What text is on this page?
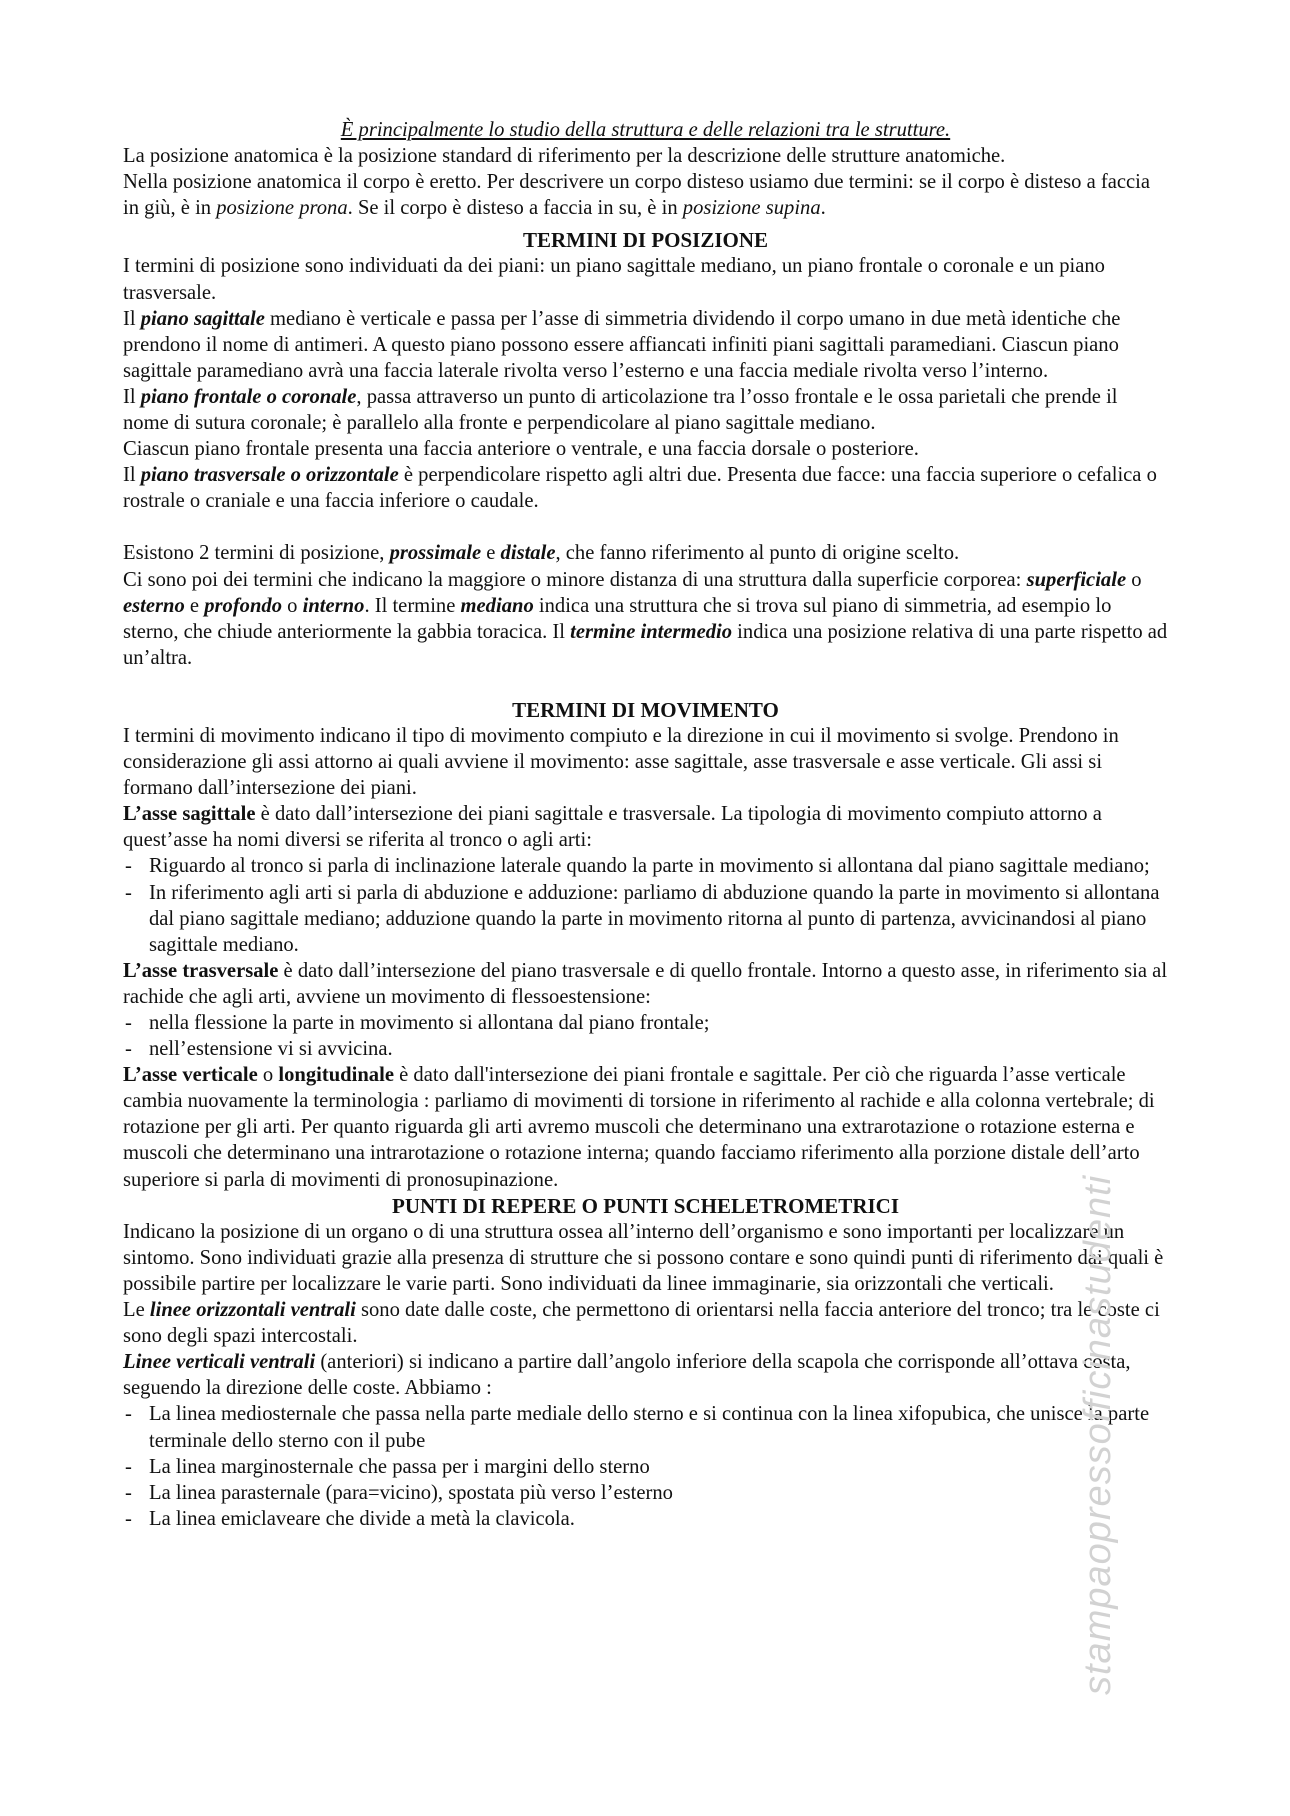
È principalmente lo studio della struttura e delle relazioni tra le strutture.

La posizione anatomica è la posizione standard di riferimento per la descrizione delle strutture anatomiche.

Nella posizione anatomica il corpo è eretto. Per descrivere un corpo disteso usiamo due termini: se il corpo è disteso a faccia in giù, è in posizione prona. Se il corpo è disteso a faccia in su, è in posizione supina.

TERMINI DI POSIZIONE

I termini di posizione sono individuati da dei piani: un piano sagittale mediano, un piano frontale o coronale e un piano trasversale.

Il piano sagittale mediano è verticale e passa per l’asse di simmetria dividendo il corpo umano in due metà identiche che prendono il nome di antimeri. A questo piano possono essere affiancati infiniti piani sagittali paramediani. Ciascun piano sagittale paramediano avrà una faccia laterale rivolta verso l’esterno e una faccia mediale rivolta verso l’interno.

Il piano frontale o coronale, passa attraverso un punto di articolazione tra l’osso frontale e le ossa parietali che prende il nome di sutura coronale; è parallelo alla fronte e perpendicolare al piano sagittale mediano.

Ciascun piano frontale presenta una faccia anteriore o ventrale, e una faccia dorsale o posteriore.

Il piano trasversale o orizzontale è perpendicolare rispetto agli altri due. Presenta due facce: una faccia superiore o cefalica o rostrale o craniale e una faccia inferiore o caudale.

Esistono 2 termini di posizione, prossimale e distale, che fanno riferimento al punto di origine scelto.

Ci sono poi dei termini che indicano la maggiore o minore distanza di una struttura dalla superficie corporea: superficiale o esterno e profondo o interno. Il termine mediano indica una struttura che si trova sul piano di simmetria, ad esempio lo sterno, che chiude anteriormente la gabbia toracica. Il termine intermedio indica una posizione relativa di una parte rispetto ad un’altra.

TERMINI DI MOVIMENTO

I termini di movimento indicano il tipo di movimento compiuto e la direzione in cui il movimento si svolge. Prendono in considerazione gli assi attorno ai quali avviene il movimento: asse sagittale, asse trasversale e asse verticale. Gli assi si formano dall’intersezione dei piani.

L’asse sagittale è dato dall’intersezione dei piani sagittale e trasversale. La tipologia di movimento compiuto attorno a quest’asse ha nomi diversi se riferita al tronco o agli arti:

- Riguardo al tronco si parla di inclinazione laterale quando la parte in movimento si allontana dal piano sagittale mediano;
- In riferimento agli arti si parla di abduzione e adduzione: parliamo di abduzione quando la parte in movimento si allontana dal piano sagittale mediano; adduzione quando la parte in movimento ritorna al punto di partenza, avvicinandosi al piano sagittale mediano.

L’asse trasversale è dato dall’intersezione del piano trasversale e di quello frontale. Intorno a questo asse, in riferimento sia al rachide che agli arti, avviene un movimento di flessoestensione:

- nella flessione la parte in movimento si allontana dal piano frontale;
- nell’estensione vi si avvicina.

L’asse verticale o longitudinale è dato dall'intersezione dei piani frontale e sagittale. Per ciò che riguarda l’asse verticale cambia nuovamente la terminologia : parliamo di movimenti di torsione in riferimento al rachide e alla colonna vertebrale; di rotazione per gli arti. Per quanto riguarda gli arti avremo muscoli che determinano una extrarotazione o rotazione esterna e muscoli che determinano una intrarotazione o rotazione interna; quando facciamo riferimento alla porzione distale dell’arto superiore si parla di movimenti di pronosupinazione.

PUNTI DI REPERE O PUNTI SCHELETROMETRICI

Indicano la posizione di un organo o di una struttura ossea all’interno dell’organismo e sono importanti per localizzare un sintomo. Sono individuati grazie alla presenza di strutture che si possono contare e sono quindi punti di riferimento dai quali è possibile partire per localizzare le varie parti. Sono individuati da linee immaginarie, sia orizzontali che verticali.

Le linee orizzontali ventrali sono date dalle coste, che permettono di orientarsi nella faccia anteriore del tronco; tra le coste ci sono degli spazi intercostali.

Linee verticali ventrali (anteriori) si indicano a partire dall’angolo inferiore della scapola che corrisponde all’ottava costa, seguendo la direzione delle coste. Abbiamo :

- La linea mediosternale che passa nella parte mediale dello sterno e si continua con la linea xifopubica, che unisce la parte terminale dello sterno con il pube
- La linea marginosternale che passa per i margini dello sterno
- La linea parasternale (para=vicino), spostata più verso l’esterno
- La linea emiclaveare che divide a metà la clavicola.	stampaopressofficinastudenti
